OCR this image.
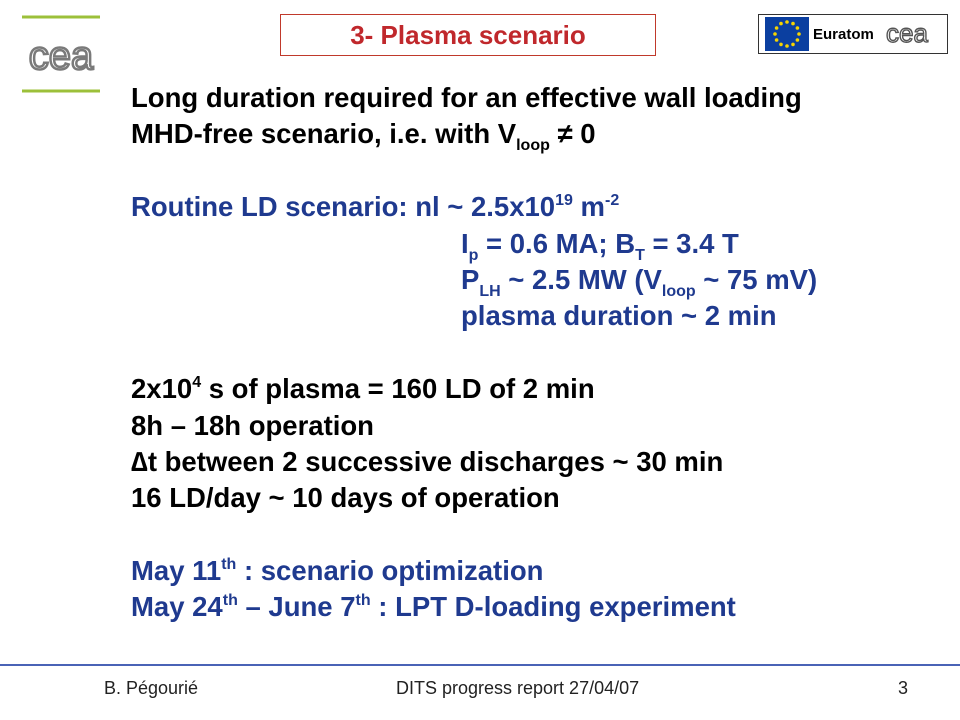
cea	3- Plasma scenario	Euratom cea
Long duration required for an effective wall loading
MHD-free scenario, i.e. with $V_{loop} \ne 0$
Routine LD scenario: nl ~ $2.5x10^{19}$ $m^{-2}$
$I_p = 0.6$ MA; $B_T = 3.4$ T
$P_{LH}$ ~ 2.5 MW ($V_{loop}$ ~ 75 mV)
plasma duration ~ 2 min
$2x10^4$ s of plasma = 160 LD of 2 min
8h – 18h operation
∆t between 2 successive discharges ~ 30 min
16 LD/day ~ 10 days of operation
May 11th : scenario optimization
May 24th – June 7th : LPT D-loading experiment
B. Pégourié	DITS progress report 27/04/07	3
